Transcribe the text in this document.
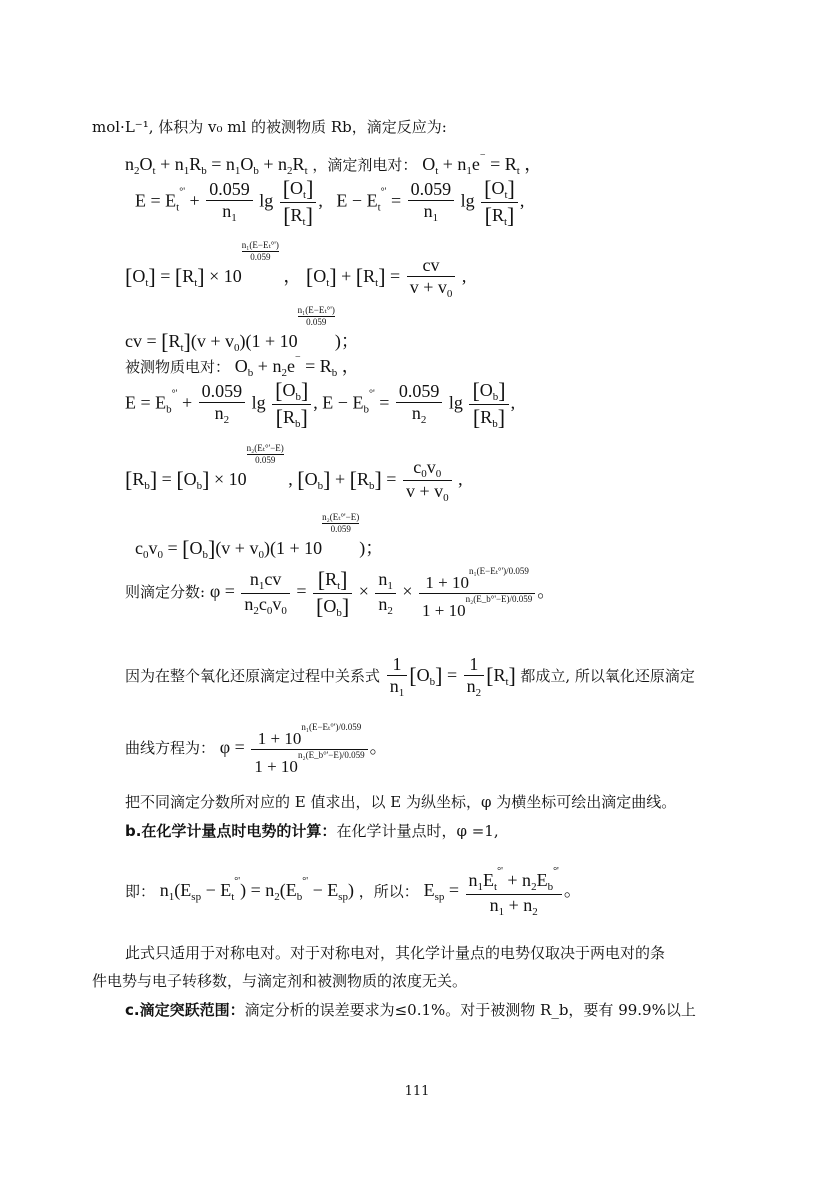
mol·L⁻¹, 体积为 v₀ ml 的被测物质 Rb，滴定反应为:
$n_2O_t + n_1R_b = n_1O_b + n_2R_t$ ，滴定剂电对： $O_t + n_1e^- = R_t$ ，
$E = E_t^{^\circ'} + \frac{0.059}{n_1}$ $\lg \frac{[O_t]}{[R_t]}$ ,   $E - E_t^{^\circ'} = \frac{0.059}{n_1}$ $\lg \frac{[O_t]}{[R_t]}$ ,
$[O_t] = [R_t] \times 10$
$^{\frac{\text{n₁(E−Eₜ°')}}{0.059}}$
， $[O_t] + [R_t] = \frac{cv}{v + v_0}$ ,
cv = $[R_t](v + v_0)(1 + 10$
$^{\frac{\text{n₁(E−Eₜ°')}}{0.059}}$
)；
被测物质电对： $O_b + n_2e^- = R_b$ ，
$E = E_b^{^\circ'} + \frac{0.059}{n_2}$ $\lg \frac{[O_b]}{[R_b]}$ , $E - E_b^{^\circ'} = \frac{0.059}{n_2}$ $\lg \frac{[O_b]}{[R_b]}$ ,
$[R_b] = [O_b] \times 10$
$^{\frac{\text{n₂(Eₜ°'−E)}}{0.059}}$
, $[O_b] + [R_b] = \frac{c_0v_0}{v + v_0}$ ,
$c_0v_0 = [O_b](v + v_0)(1 + 10$
$^{\frac{\text{n₂(Eₜ°'−E)}}{0.059}}$
)；
则滴定分数: $\varphi = \frac{n_1cv}{n_2c_0v_0} = \frac{[R_t]}{[O_b]} \times \frac{n_1}{n_2} \times \frac{1 + 10^{n_1(E-E_t^\circ')/0.059}}{1 + 10^{n_2(E\_b^\circ'-E)/0.059}}$ 。
因为在整个氧化还原滴定过程中关系式 $\frac{1}{n_1} [O_b] = \frac{1}{n_2} [R_t]$ 都成立, 所以氧化还原滴定
曲线方程为： $\varphi = \frac{1 + 10^{n_1(E-E_t^\circ')/0.059}}{1 + 10^{n_2(E\_b^\circ'-E)/0.059}}$ 。
把不同滴定分数所对应的 E 值求出，以 E 为纵坐标，φ 为横坐标可绘出滴定曲线。
b.在化学计量点时电势的计算：在化学计量点时，φ =1,
即： $n_1(E_{sp} - E_t^{^\circ'}) = n_2(E_b^{^\circ'} - E_{sp})$ ，所以： $E_{sp} = \frac{n_1E_t^{^\circ'} + n_2E_b^{^\circ'}}{n_1 + n_2}$ 。
此式只适用于对称电对。对于对称电对，其化学计量点的电势仅取决于两电对的条
件电势与电子转移数，与滴定剂和被测物质的浓度无关。
c.滴定突跃范围：滴定分析的误差要求为≤0.1%。对于被测物 R_b，要有 99.9%以上
111
